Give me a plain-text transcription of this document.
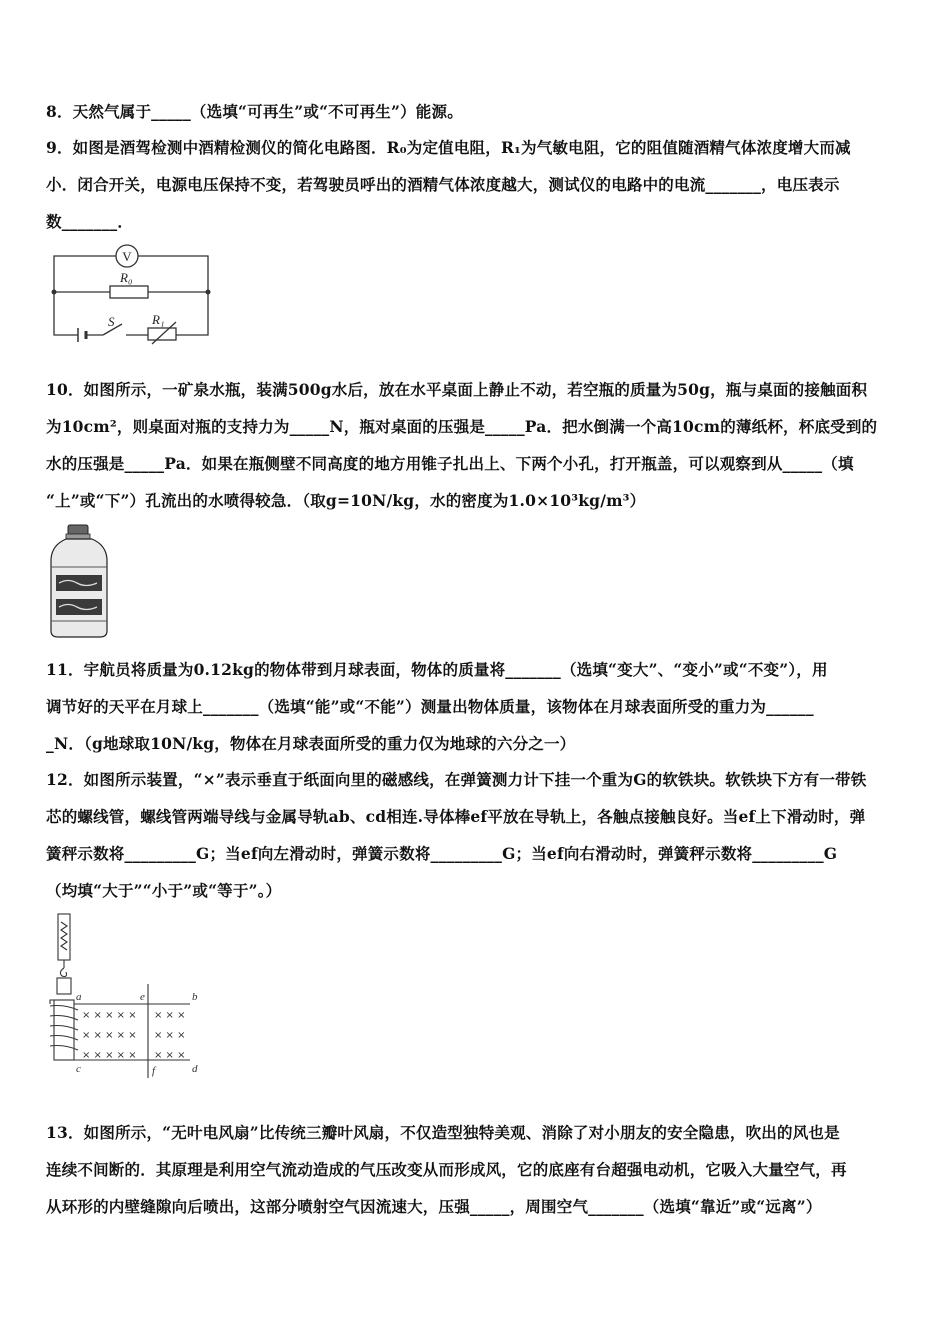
8．天然气属于_____（选填“可再生”或“不可再生”）能源。
9．如图是酒驾检测中酒精检测仪的简化电路图．R₀为定值电阻，R₁为气敏电阻，它的阻值随酒精气体浓度增大而减
小．闭合开关，电源电压保持不变，若驾驶员呼出的酒精气体浓度越大，测试仪的电路中的电流_______，电压表示
数_______．
V
R₀
S	R₁
10．如图所示，一矿泉水瓶，装满500g水后，放在水平桌面上静止不动，若空瓶的质量为50g，瓶与桌面的接触面积
为10cm²，则桌面对瓶的支持力为_____N，瓶对桌面的压强是_____Pa．把水倒满一个高10cm的薄纸杯，杯底受到的
水的压强是_____Pa．如果在瓶侧壁不同高度的地方用锥子扎出上、下两个小孔，打开瓶盖，可以观察到从_____（填
“上”或“下”）孔流出的水喷得较急．（取g=10N/kg，水的密度为1.0×10³kg/m³）
11．宇航员将质量为0.12kg的物体带到月球表面，物体的质量将_______（选填“变大”、“变小”或“不变”），用
调节好的天平在月球上_______（选填“能”或“不能”）测量出物体质量，该物体在月球表面所受的重力为______
_N．（g地球取10N/kg，物体在月球表面所受的重力仅为地球的六分之一）
12．如图所示装置，“×”表示垂直于纸面向里的磁感线，在弹簧测力计下挂一个重为G的软铁块。软铁块下方有一带铁
芯的螺线管，螺线管两端导线与金属导轨ab、cd相连.导体棒ef平放在导轨上，各触点接触良好。当ef上下滑动时，弹
簧秤示数将_________G；当ef向左滑动时，弹簧示数将_________G；当ef向右滑动时，弹簧秤示数将_________G
（均填“大于”“小于”或“等于”。）
× × × × × × × ×
× × × × × × × ×
× × × × × × × ×
a	b
c	d
e
f
13．如图所示，“无叶电风扇”比传统三瓣叶风扇，不仅造型独特美观、消除了对小朋友的安全隐患，吹出的风也是
连续不间断的．其原理是利用空气流动造成的气压改变从而形成风，它的底座有台超强电动机，它吸入大量空气，再
从环形的内壁缝隙向后喷出，这部分喷射空气因流速大，压强_____，周围空气_______（选填“靠近”或“远离”）
